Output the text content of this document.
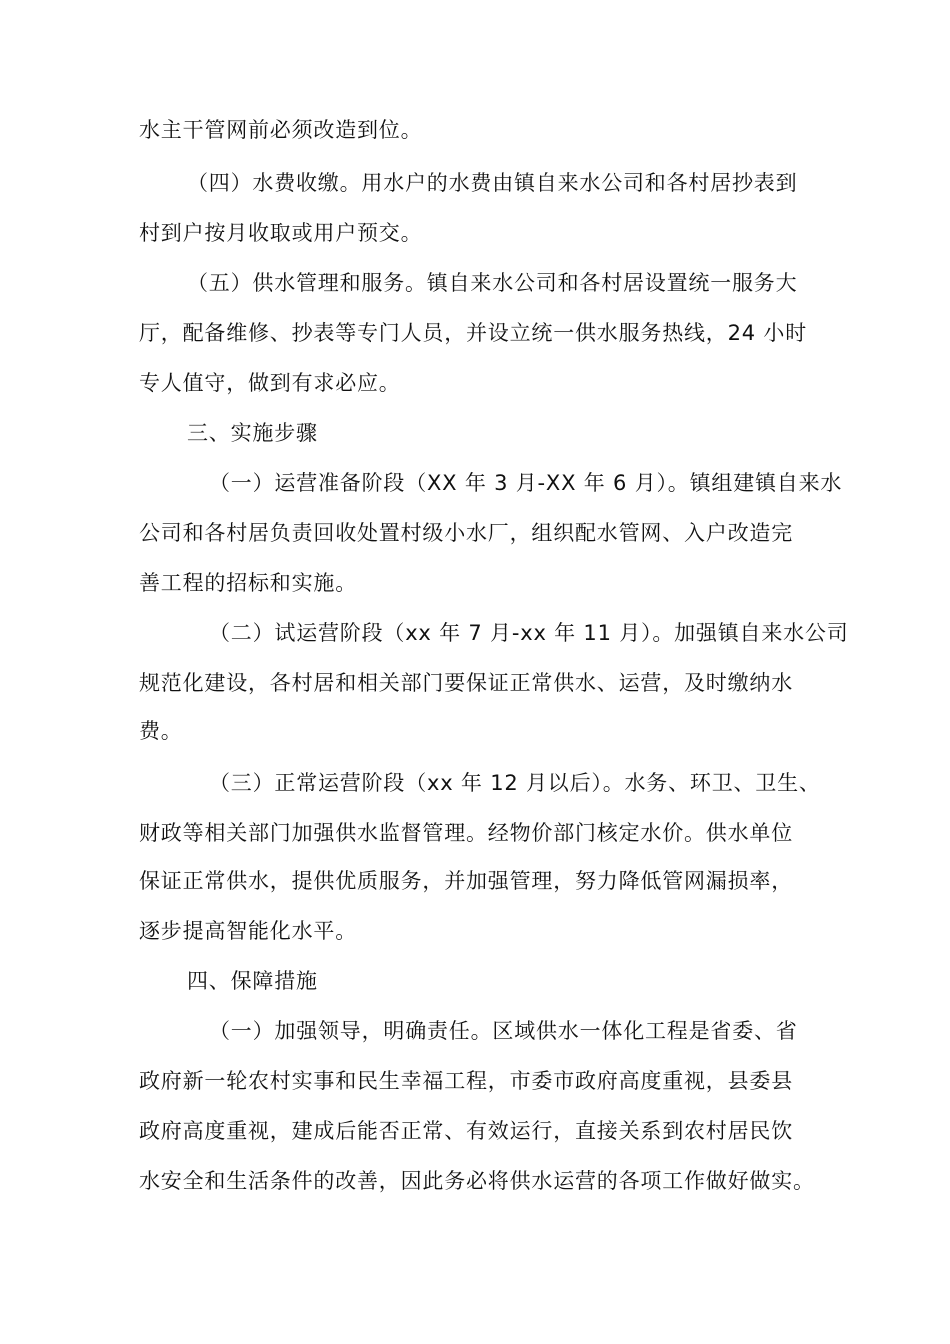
水主干管网前必须改造到位。
（四）水费收缴。用水户的水费由镇自来水公司和各村居抄表到
村到户按月收取或用户预交。
（五）供水管理和服务。镇自来水公司和各村居设置统一服务大
厅，配备维修、抄表等专门人员，并设立统一供水服务热线，24 小时
专人值守，做到有求必应。
三、实施步骤
（一）运营准备阶段（XX 年 3 月-XX 年 6 月）。镇组建镇自来水
公司和各村居负责回收处置村级小水厂，组织配水管网、入户改造完
善工程的招标和实施。
（二）试运营阶段（xx 年 7 月-xx 年 11 月）。加强镇自来水公司
规范化建设，各村居和相关部门要保证正常供水、运营，及时缴纳水
费。
（三）正常运营阶段（xx 年 12 月以后）。水务、环卫、卫生、
财政等相关部门加强供水监督管理。经物价部门核定水价。供水单位
保证正常供水，提供优质服务，并加强管理，努力降低管网漏损率，
逐步提高智能化水平。
四、保障措施
（一）加强领导，明确责任。区域供水一体化工程是省委、省
政府新一轮农村实事和民生幸福工程，市委市政府高度重视，县委县
政府高度重视，建成后能否正常、有效运行，直接关系到农村居民饮
水安全和生活条件的改善，因此务必将供水运营的各项工作做好做实。
